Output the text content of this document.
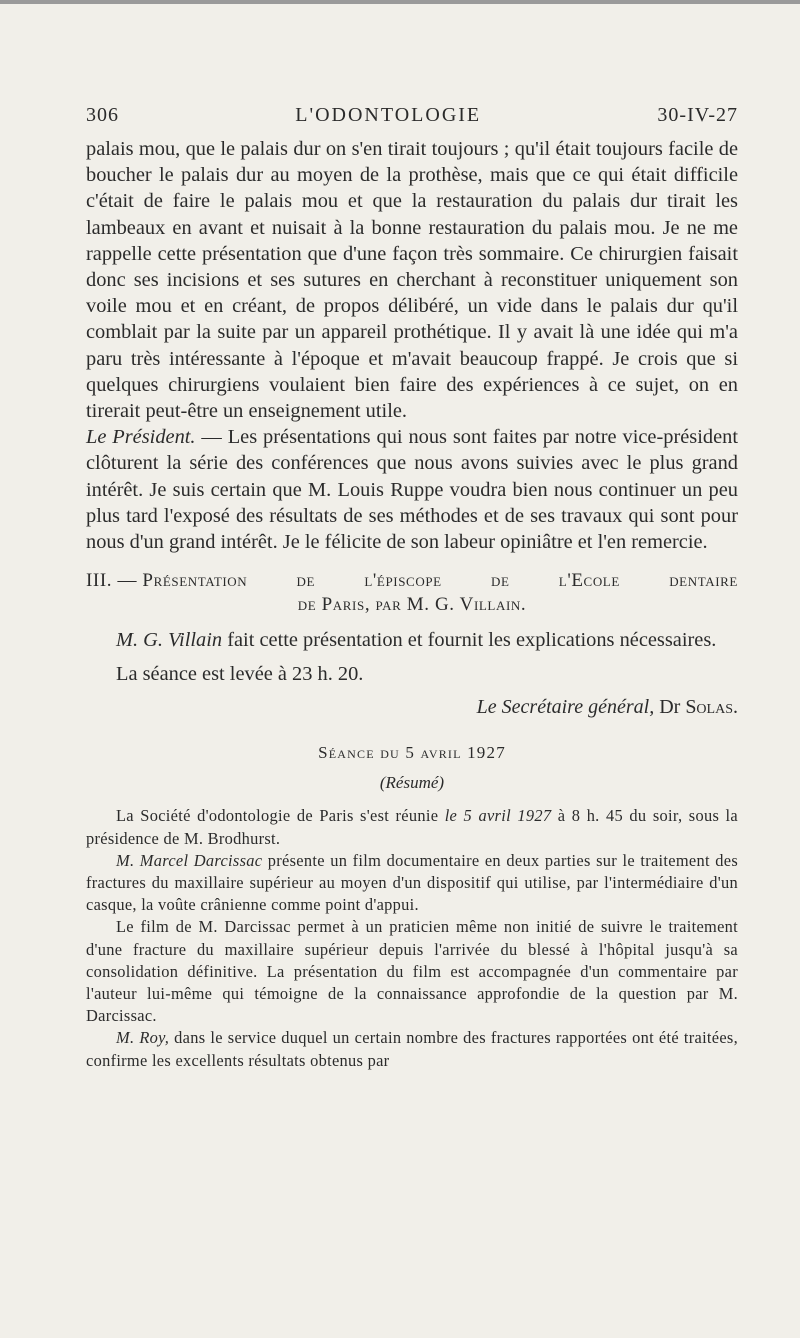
306	L'ODONTOLOGIE	30-IV-27

palais mou, que le palais dur on s'en tirait toujours ; qu'il était toujours facile de boucher le palais dur au moyen de la prothèse, mais que ce qui était difficile c'était de faire le palais mou et que la restauration du palais dur tirait les lambeaux en avant et nuisait à la bonne restauration du palais mou. Je ne me rappelle cette présentation que d'une façon très sommaire. Ce chirurgien faisait donc ses incisions et ses sutures en cherchant à reconstituer uniquement son voile mou et en créant, de propos délibéré, un vide dans le palais dur qu'il comblait par la suite par un appareil prothétique. Il y avait là une idée qui m'a paru très intéressante à l'époque et m'avait beaucoup frappé. Je crois que si quelques chirurgiens voulaient bien faire des expériences à ce sujet, on en tirerait peut-être un enseignement utile.

Le Président. — Les présentations qui nous sont faites par notre vice-président clôturent la série des conférences que nous avons suivies avec le plus grand intérêt. Je suis certain que M. Louis Ruppe voudra bien nous continuer un peu plus tard l'exposé des résultats de ses méthodes et de ses travaux qui sont pour nous d'un grand intérêt. Je le félicite de son labeur opiniâtre et l'en remercie.

III. — Présentation	de	l'épiscope	de	l'Ecole	dentaire
de Paris, par M. G. Villain.

M. G. Villain fait cette présentation et fournit les explications nécessaires.

La séance est levée à 23 h. 20.
Le Secrétaire général, Dr Solas.
Séance du 5 avril 1927
(Résumé)

La Société d'odontologie de Paris s'est réunie le 5 avril 1927 à 8 h. 45 du soir, sous la présidence de M. Brodhurst.

M. Marcel Darcissac présente un film documentaire en deux parties sur le traitement des fractures du maxillaire supérieur au moyen d'un dispositif qui utilise, par l'intermédiaire d'un casque, la voûte crânienne comme point d'appui.

Le film de M. Darcissac permet à un praticien même non initié de suivre le traitement d'une fracture du maxillaire supérieur depuis l'arrivée du blessé à l'hôpital jusqu'à sa consolidation définitive. La présentation du film est accompagnée d'un commentaire par l'auteur lui-même qui témoigne de la connaissance approfondie de la question par M. Darcissac.

M. Roy, dans le service duquel un certain nombre des fractures rapportées ont été traitées, confirme les excellents résultats obtenus par
